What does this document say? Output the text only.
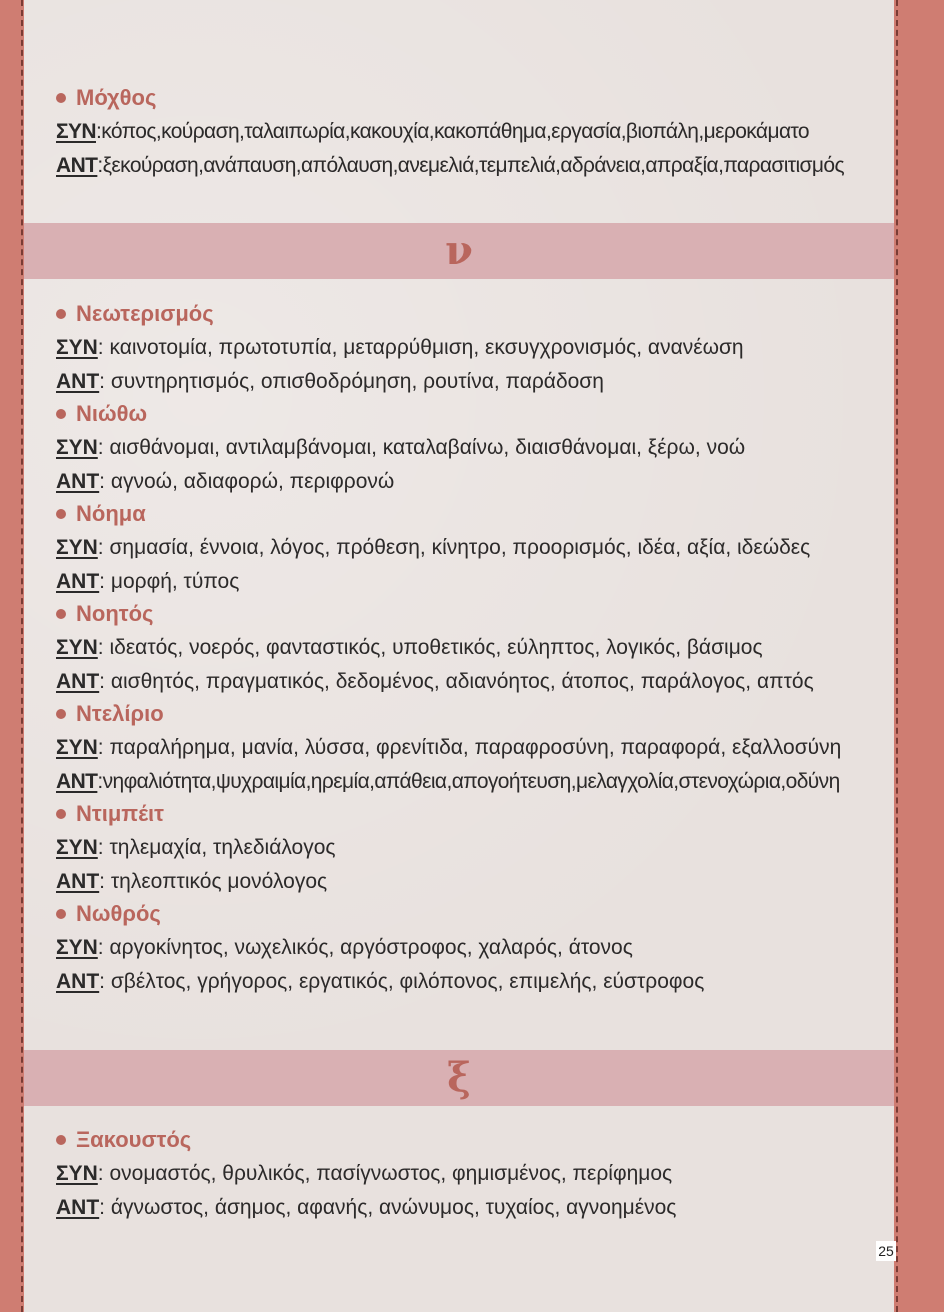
Μόχθος
ΣΥΝ:κόπος,κούραση,ταλαιπωρία,κακουχία,κακοπάθημα,εργασία,βιοπάλη,μεροκάματο
ΑΝΤ:ξεκούραση,ανάπαυση,απόλαυση,ανεμελιά,τεμπελιά,αδράνεια,απραξία,παρασιτισμός
ν
Νεωτερισμός
ΣΥΝ: καινοτομία, πρωτοτυπία, μεταρρύθμιση, εκσυγχρονισμός, ανανέωση
ΑΝΤ: συντηρητισμός, οπισθοδρόμηση, ρουτίνα, παράδοση
Νιώθω
ΣΥΝ: αισθάνομαι, αντιλαμβάνομαι, καταλαβαίνω, διαισθάνομαι, ξέρω, νοώ
ΑΝΤ: αγνοώ, αδιαφορώ, περιφρονώ
Νόημα
ΣΥΝ: σημασία, έννοια, λόγος, πρόθεση, κίνητρο, προορισμός, ιδέα, αξία, ιδεώδες
ΑΝΤ: μορφή, τύπος
Νοητός
ΣΥΝ: ιδεατός, νοερός, φανταστικός, υποθετικός, εύληπτος, λογικός, βάσιμος
ΑΝΤ: αισθητός, πραγματικός, δεδομένος, αδιανόητος, άτοπος, παράλογος, απτός
Ντελίριο
ΣΥΝ: παραλήρημα, μανία, λύσσα, φρενίτιδα, παραφροσύνη, παραφορά, εξαλλοσύνη
ΑΝΤ:νηφαλιότητα,ψυχραιμία,ηρεμία,απάθεια,απογοήτευση,μελαγχολία,στενοχώρια,οδύνη
Ντιμπέιτ
ΣΥΝ: τηλεμαχία, τηλεδιάλογος
ΑΝΤ: τηλεοπτικός μονόλογος
Νωθρός
ΣΥΝ: αργοκίνητος, νωχελικός, αργόστροφος, χαλαρός, άτονος
ΑΝΤ: σβέλτος, γρήγορος, εργατικός, φιλόπονος, επιμελής, εύστροφος
ξ
Ξακουστός
ΣΥΝ: ονομαστός, θρυλικός, πασίγνωστος, φημισμένος, περίφημος
ΑΝΤ: άγνωστος, άσημος, αφανής, ανώνυμος, τυχαίος, αγνοημένος
25
